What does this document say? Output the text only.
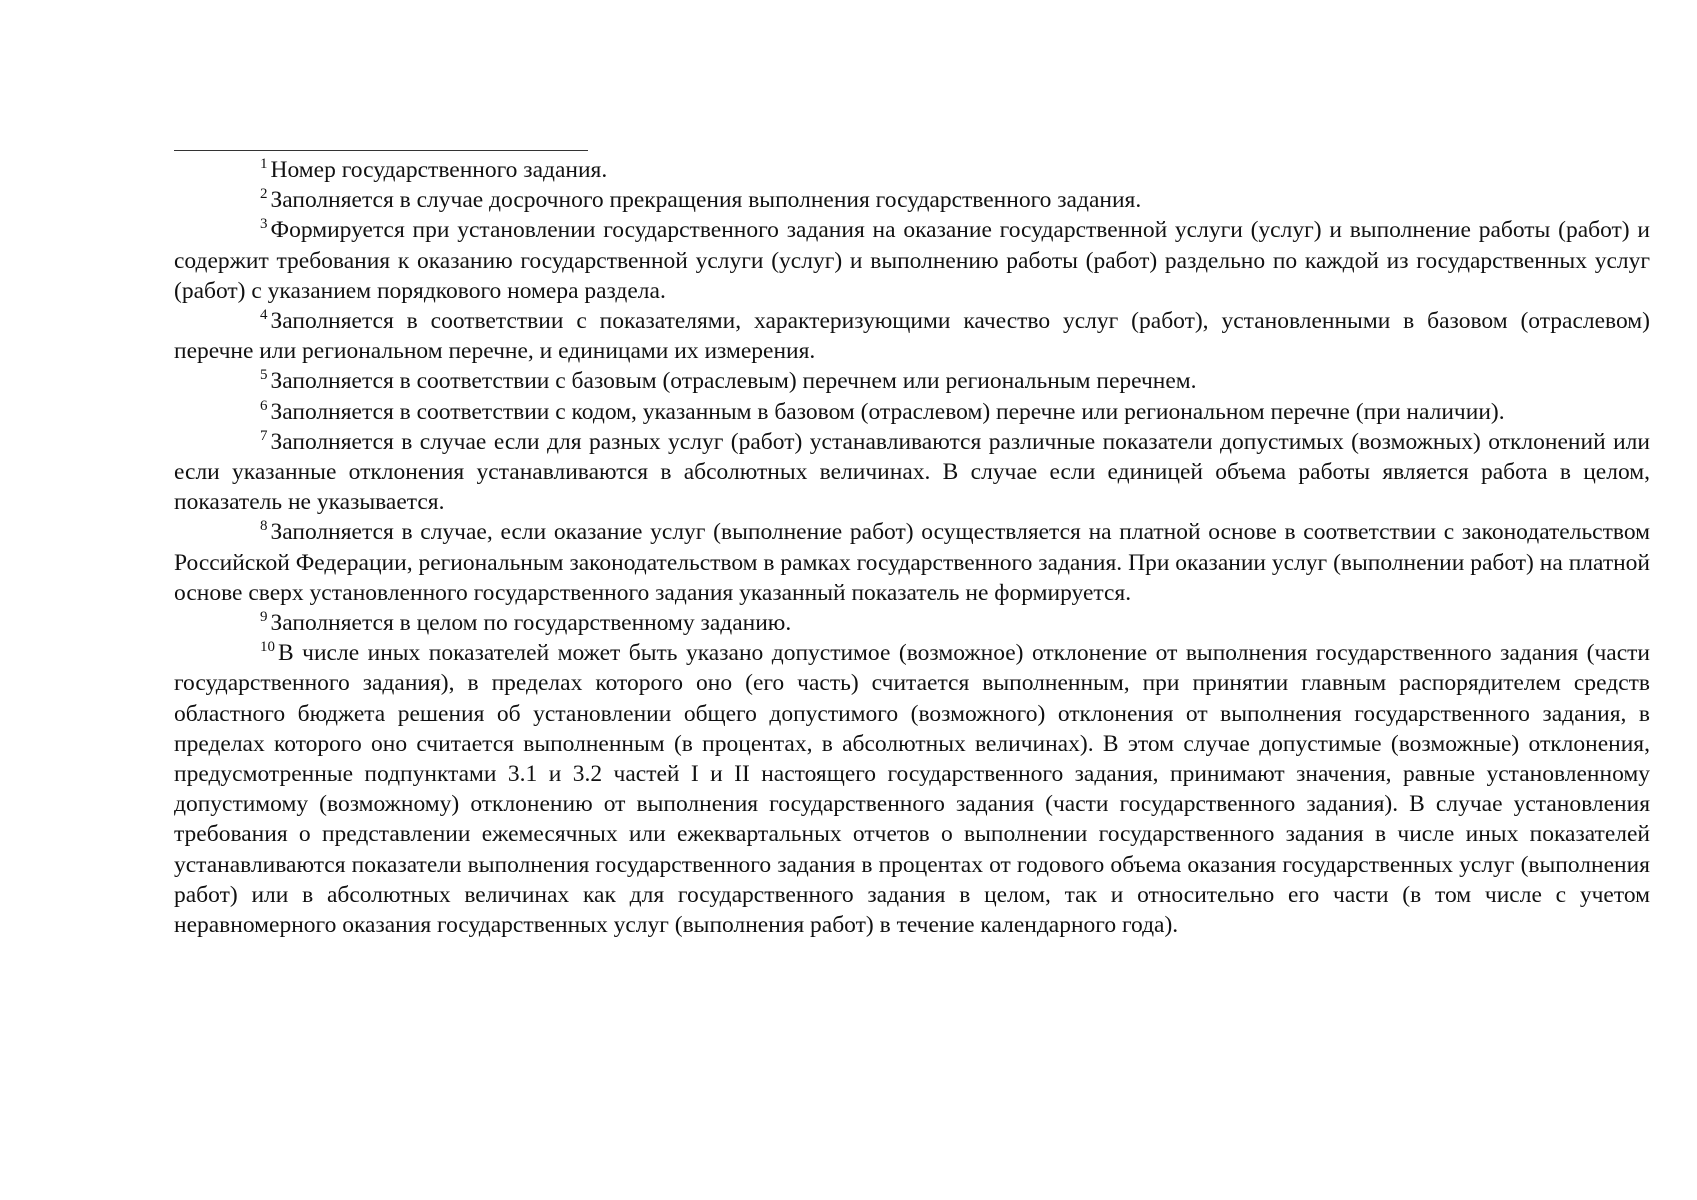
$^1$ Номер государственного задания.

$^2$ Заполняется в случае досрочного прекращения выполнения государственного задания.

$^3$ Формируется при установлении государственного задания на оказание государственной услуги (услуг) и выполнение работы (работ) и содержит требования к оказанию государственной услуги (услуг) и выполнению работы (работ) раздельно по каждой из государственных услуг (работ) с указанием порядкового номера раздела.

$^4$ Заполняется в соответствии с показателями, характеризующими качество услуг (работ), установленными в базовом (отраслевом) перечне или региональном перечне, и единицами их измерения.

$^5$ Заполняется в соответствии с базовым (отраслевым) перечнем или региональным перечнем.

$^6$ Заполняется в соответствии с кодом, указанным в базовом (отраслевом) перечне или региональном перечне (при наличии).

$^7$ Заполняется в случае если для разных услуг (работ) устанавливаются различные показатели допустимых (возможных) отклонений или если указанные отклонения устанавливаются в абсолютных величинах. В случае если единицей объема работы является работа в целом, показатель не указывается.

$^8$ Заполняется в случае, если оказание услуг (выполнение работ) осуществляется на платной основе в соответствии с законодательством Российской Федерации, региональным законодательством в рамках государственного задания. При оказании услуг (выполнении работ) на платной основе сверх установленного государственного задания указанный показатель не формируется.

$^9$ Заполняется в целом по государственному заданию.

$^{10}$ В числе иных показателей может быть указано допустимое (возможное) отклонение от выполнения государственного задания (части государственного задания), в пределах которого оно (его часть) считается выполненным, при принятии главным распорядителем средств областного бюджета решения об установлении общего допустимого (возможного) отклонения от выполнения государственного задания, в пределах которого оно считается выполненным (в процентах, в абсолютных величинах). В этом случае допустимые (возможные) отклонения, предусмотренные подпунктами 3.1 и 3.2 частей I и II настоящего государственного задания, принимают значения, равные установленному допустимому (возможному) отклонению от выполнения государственного задания (части государственного задания). В случае установления требования о представлении ежемесячных или ежеквартальных отчетов о выполнении государственного задания в числе иных показателей устанавливаются показатели выполнения государственного задания в процентах от годового объема оказания государственных услуг (выполнения работ) или в абсолютных величинах как для государственного задания в целом, так и относительно его части (в том числе с учетом неравномерного оказания государственных услуг (выполнения работ) в течение календарного года).
